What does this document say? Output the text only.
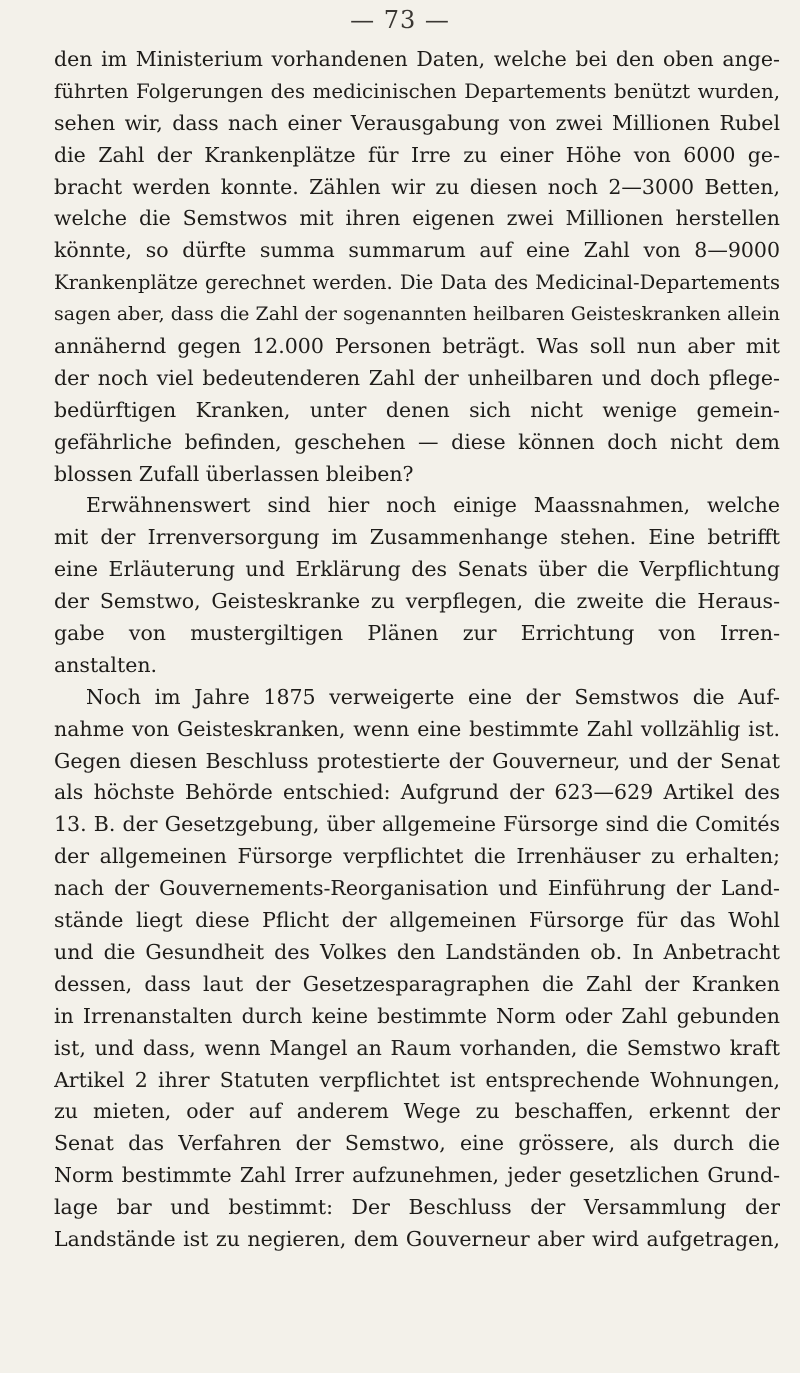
— 73 —
den im Ministerium vorhandenen Daten, welche bei den oben ange-
führten Folgerungen des medicinischen Departements benützt wurden,
sehen wir, dass nach einer Verausgabung von zwei Millionen Rubel
die Zahl der Krankenplätze für Irre zu einer Höhe von 6000 ge-
bracht werden konnte. Zählen wir zu diesen noch 2—3000 Betten,
welche die Semstwos mit ihren eigenen zwei Millionen herstellen
könnte, so dürfte summa summarum auf eine Zahl von 8—9000
Krankenplätze gerechnet werden. Die Data des Medicinal-Departements
sagen aber, dass die Zahl der sogenannten heilbaren Geisteskranken allein
annähernd gegen 12.000 Personen beträgt. Was soll nun aber mit
der noch viel bedeutenderen Zahl der unheilbaren und doch pflege-
bedürftigen Kranken, unter denen sich nicht wenige gemein-
gefährliche befinden, geschehen — diese können doch nicht dem
blossen Zufall überlassen bleiben?
Erwähnenswert sind hier noch einige Maassnahmen, welche
mit der Irrenversorgung im Zusammenhange stehen. Eine betrifft
eine Erläuterung und Erklärung des Senats über die Verpflichtung
der Semstwo, Geisteskranke zu verpflegen, die zweite die Heraus-
gabe von mustergiltigen Plänen zur Errichtung von Irren-
anstalten.
Noch im Jahre 1875 verweigerte eine der Semstwos die Auf-
nahme von Geisteskranken, wenn eine bestimmte Zahl vollzählig ist.
Gegen diesen Beschluss protestierte der Gouverneur, und der Senat
als höchste Behörde entschied: Aufgrund der 623—629 Artikel des
13. B. der Gesetzgebung, über allgemeine Fürsorge sind die Comités
der allgemeinen Fürsorge verpflichtet die Irrenhäuser zu erhalten;
nach der Gouvernements-Reorganisation und Einführung der Land-
stände liegt diese Pflicht der allgemeinen Fürsorge für das Wohl
und die Gesundheit des Volkes den Landständen ob. In Anbetracht
dessen, dass laut der Gesetzesparagraphen die Zahl der Kranken
in Irrenanstalten durch keine bestimmte Norm oder Zahl gebunden
ist, und dass, wenn Mangel an Raum vorhanden, die Semstwo kraft
Artikel 2 ihrer Statuten verpflichtet ist entsprechende Wohnungen,
zu mieten, oder auf anderem Wege zu beschaffen, erkennt der
Senat das Verfahren der Semstwo, eine grössere, als durch die
Norm bestimmte Zahl Irrer aufzunehmen, jeder gesetzlichen Grund-
lage bar und bestimmt: Der Beschluss der Versammlung der
Landstände ist zu negieren, dem Gouverneur aber wird aufgetragen,
